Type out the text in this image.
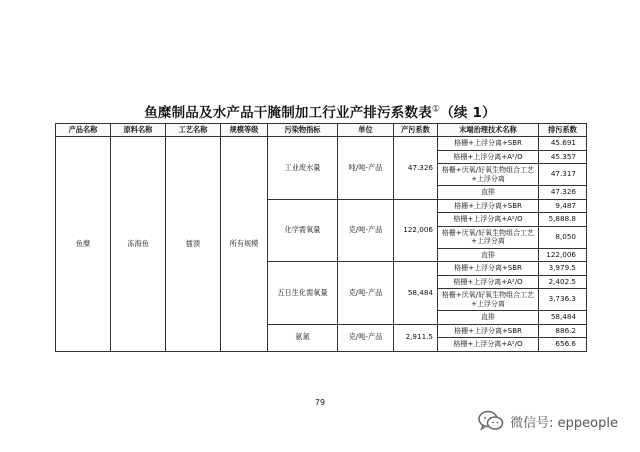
鱼糜制品及水产品干腌制加工行业产排污系数表①（续 1）
产品名称	原料名称	工艺名称	规模等级	污染物指标	单位	产污系数	末端治理技术名称	排污系数
鱼糜	冻海鱼	擂溃	所有规模	工业废水量	吨/吨-产品	47.326	格栅+上浮分离+SBR	45.691
							格栅+上浮分离+A²/O	45.357
							格栅+厌氧/好氧生物组合工艺+上浮分离	47.317
							直排	47.326
				化学需氧量	克/吨-产品	122,006	格栅+上浮分离+SBR	9,487
							格栅+上浮分离+A²/O	5,888.8
							格栅+厌氧/好氧生物组合工艺+上浮分离	8,050
							直排	122,006
				五日生化需氧量	克/吨-产品	58,484	格栅+上浮分离+SBR	3,979.5
							格栅+上浮分离+A²/O	2,402.5
							格栅+厌氧/好氧生物组合工艺+上浮分离	3,736.3
							直排	58,484
				氨氮	克/吨-产品	2,911.5	格栅+上浮分离+SBR	886.2
							格栅+上浮分离+A²/O	656.6
79
微信号: eppeople
